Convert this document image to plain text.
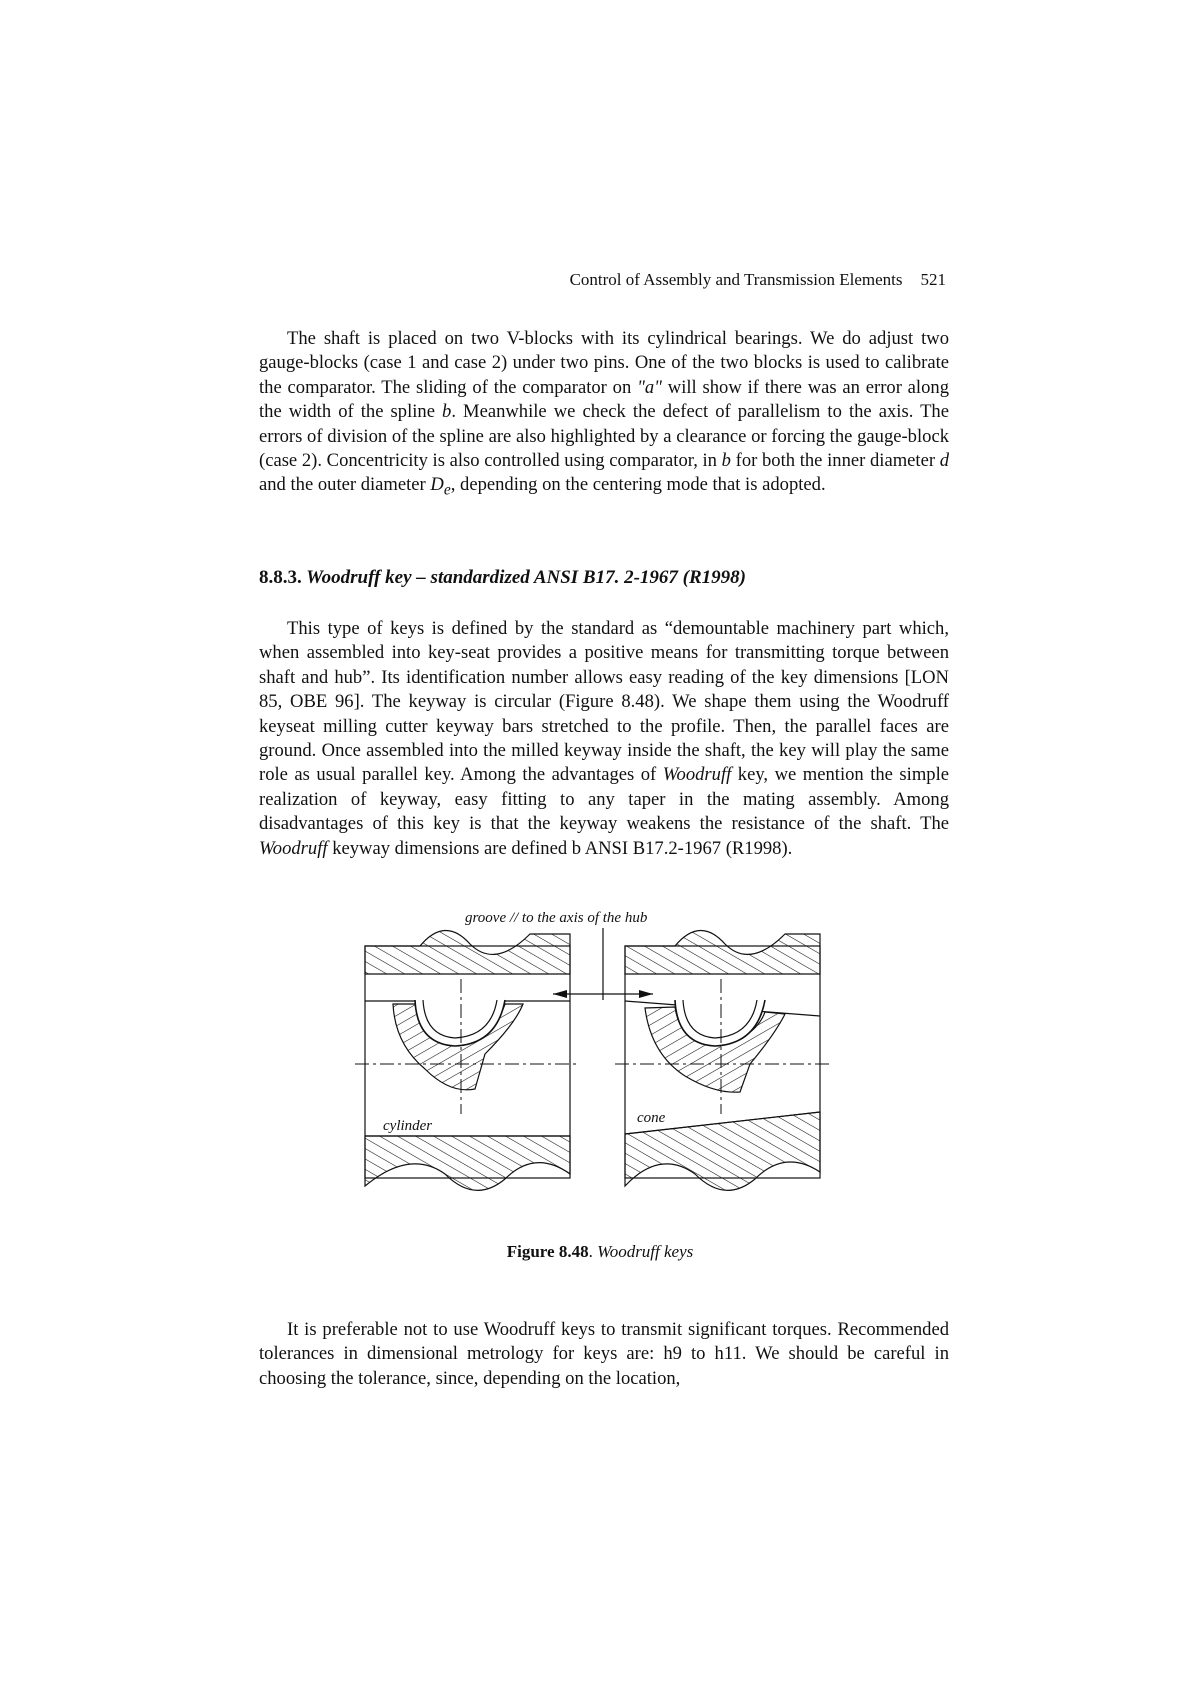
Control of Assembly and Transmission Elements 521

The shaft is placed on two V-blocks with its cylindrical bearings. We do adjust two gauge-blocks (case 1 and case 2) under two pins. One of the two blocks is used to calibrate the comparator. The sliding of the comparator on "a" will show if there was an error along the width of the spline b. Meanwhile we check the defect of parallelism to the axis. The errors of division of the spline are also highlighted by a clearance or forcing the gauge-block (case 2). Concentricity is also controlled using comparator, in b for both the inner diameter d and the outer diameter $D_e$, depending on the centering mode that is adopted.

8.8.3. Woodruff key – standardized ANSI B17. 2-1967 (R1998)

This type of keys is defined by the standard as “demountable machinery part which, when assembled into key-seat provides a positive means for transmitting torque between shaft and hub”. Its identification number allows easy reading of the key dimensions [LON 85, OBE 96]. The keyway is circular (Figure 8.48). We shape them using the Woodruff keyseat milling cutter keyway bars stretched to the profile. Then, the parallel faces are ground. Once assembled into the milled keyway inside the shaft, the key will play the same role as usual parallel key. Among the advantages of Woodruff key, we mention the simple realization of keyway, easy fitting to any taper in the mating assembly. Among disadvantages of this key is that the keyway weakens the resistance of the shaft. The Woodruff keyway dimensions are defined b ANSI B17.2-1967 (R1998).

groove // to the axis of the hub
cylinder	cone
Figure 8.48. Woodruff keys

It is preferable not to use Woodruff keys to transmit significant torques. Recommended tolerances in dimensional metrology for keys are: h9 to h11. We should be careful in choosing the tolerance, since, depending on the location,
